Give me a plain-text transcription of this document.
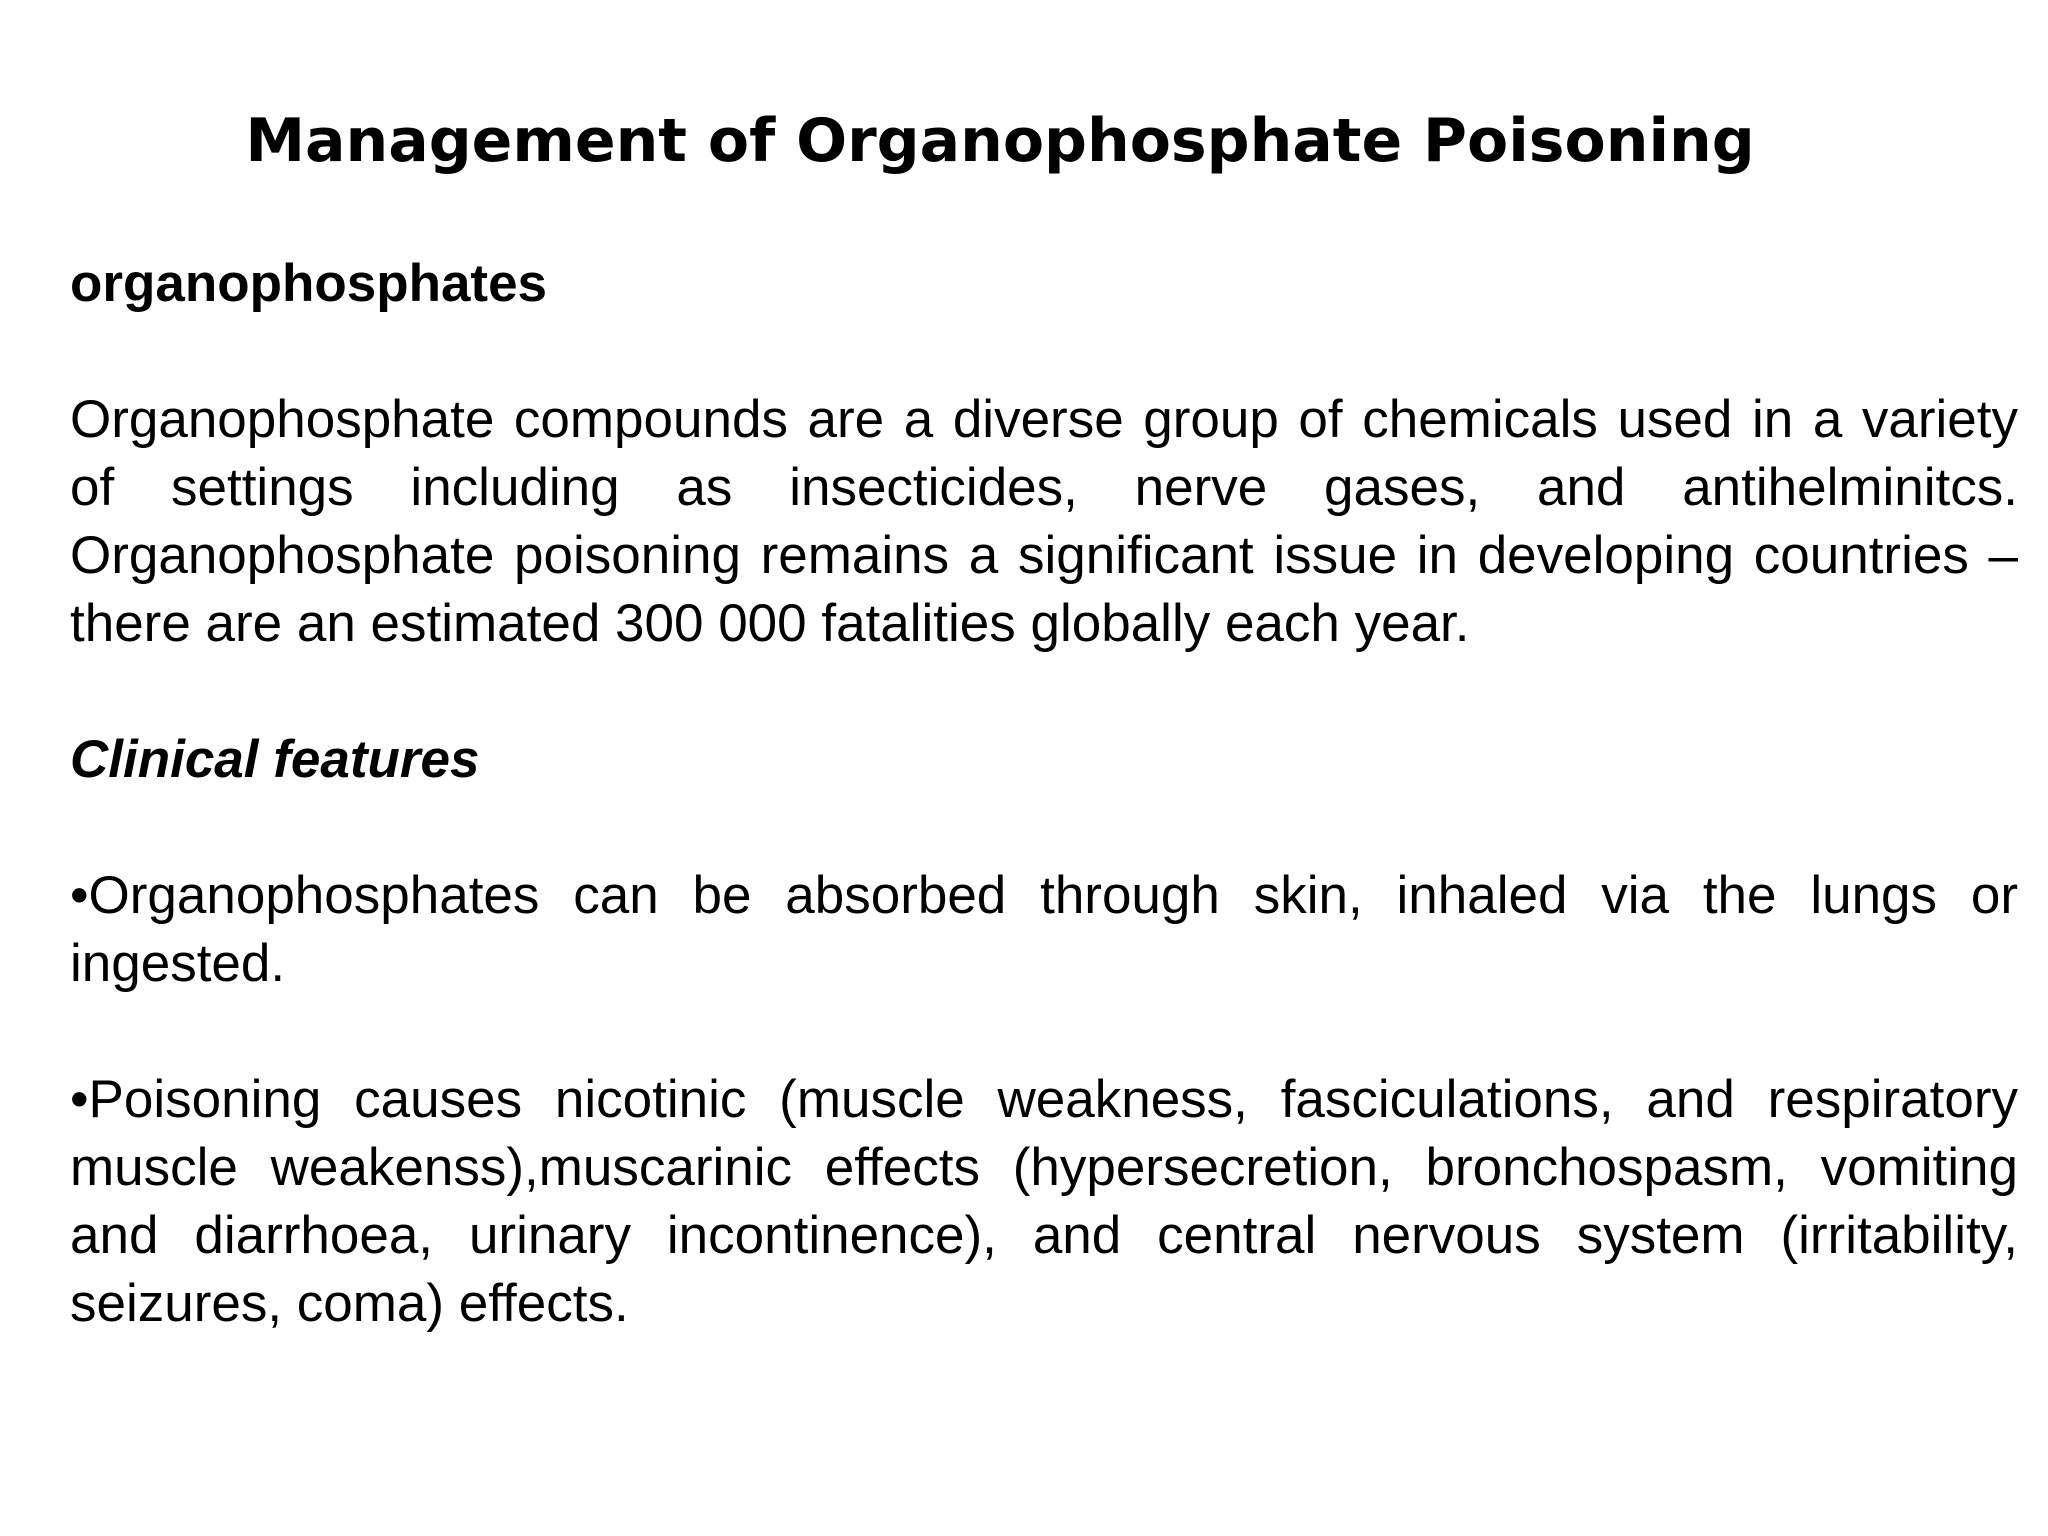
Management of Organophosphate Poisoning

organophosphates

Organophosphate compounds are a diverse group of chemicals used in a variety of settings including as insecticides, nerve gases, and antihelminitcs. Organophosphate poisoning remains a significant issue in developing countries –there are an estimated 300 000 fatalities globally each year.

Clinical features

•Organophosphates can be absorbed through skin, inhaled via the lungs or ingested.

•Poisoning causes nicotinic (muscle weakness, fasciculations, and respiratory muscle weakenss),muscarinic effects (hypersecretion, bronchospasm, vomiting and diarrhoea, urinary incontinence), and central nervous system (irritability, seizures, coma) effects.
